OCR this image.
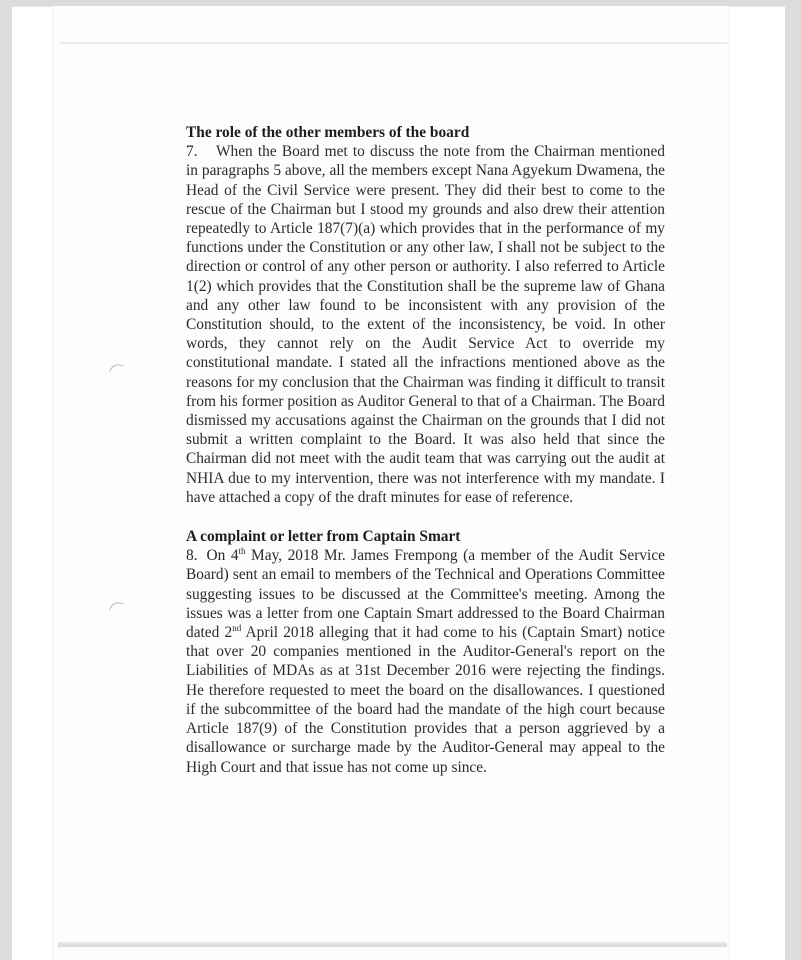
The role of the other members of the board

7. When the Board met to discuss the note from the Chairman mentioned in paragraphs 5 above, all the members except Nana Agyekum Dwamena, the Head of the Civil Service were present. They did their best to come to the rescue of the Chairman but I stood my grounds and also drew their attention repeatedly to Article 187(7)(a) which provides that in the performance of my functions under the Constitution or any other law, I shall not be subject to the direction or control of any other person or authority. I also referred to Article 1(2) which provides that the Constitution shall be the supreme law of Ghana and any other law found to be inconsistent with any provision of the Constitution should, to the extent of the inconsistency, be void. In other words, they cannot rely on the Audit Service Act to override my constitutional mandate. I stated all the infractions mentioned above as the reasons for my conclusion that the Chairman was finding it difficult to transit from his former position as Auditor General to that of a Chairman. The Board dismissed my accusations against the Chairman on the grounds that I did not submit a written complaint to the Board. It was also held that since the Chairman did not meet with the audit team that was carrying out the audit at NHIA due to my intervention, there was not interference with my mandate. I have attached a copy of the draft minutes for ease of reference.

A complaint or letter from Captain Smart

8. On 4th May, 2018 Mr. James Frempong (a member of the Audit Service Board) sent an email to members of the Technical and Operations Committee suggesting issues to be discussed at the Committee's meeting. Among the issues was a letter from one Captain Smart addressed to the Board Chairman dated 2nd April 2018 alleging that it had come to his (Captain Smart) notice that over 20 companies mentioned in the Auditor-General's report on the Liabilities of MDAs as at 31st December 2016 were rejecting the findings. He therefore requested to meet the board on the disallowances. I questioned if the subcommittee of the board had the mandate of the high court because Article 187(9) of the Constitution provides that a person aggrieved by a disallowance or surcharge made by the Auditor-General may appeal to the High Court and that issue has not come up since.
